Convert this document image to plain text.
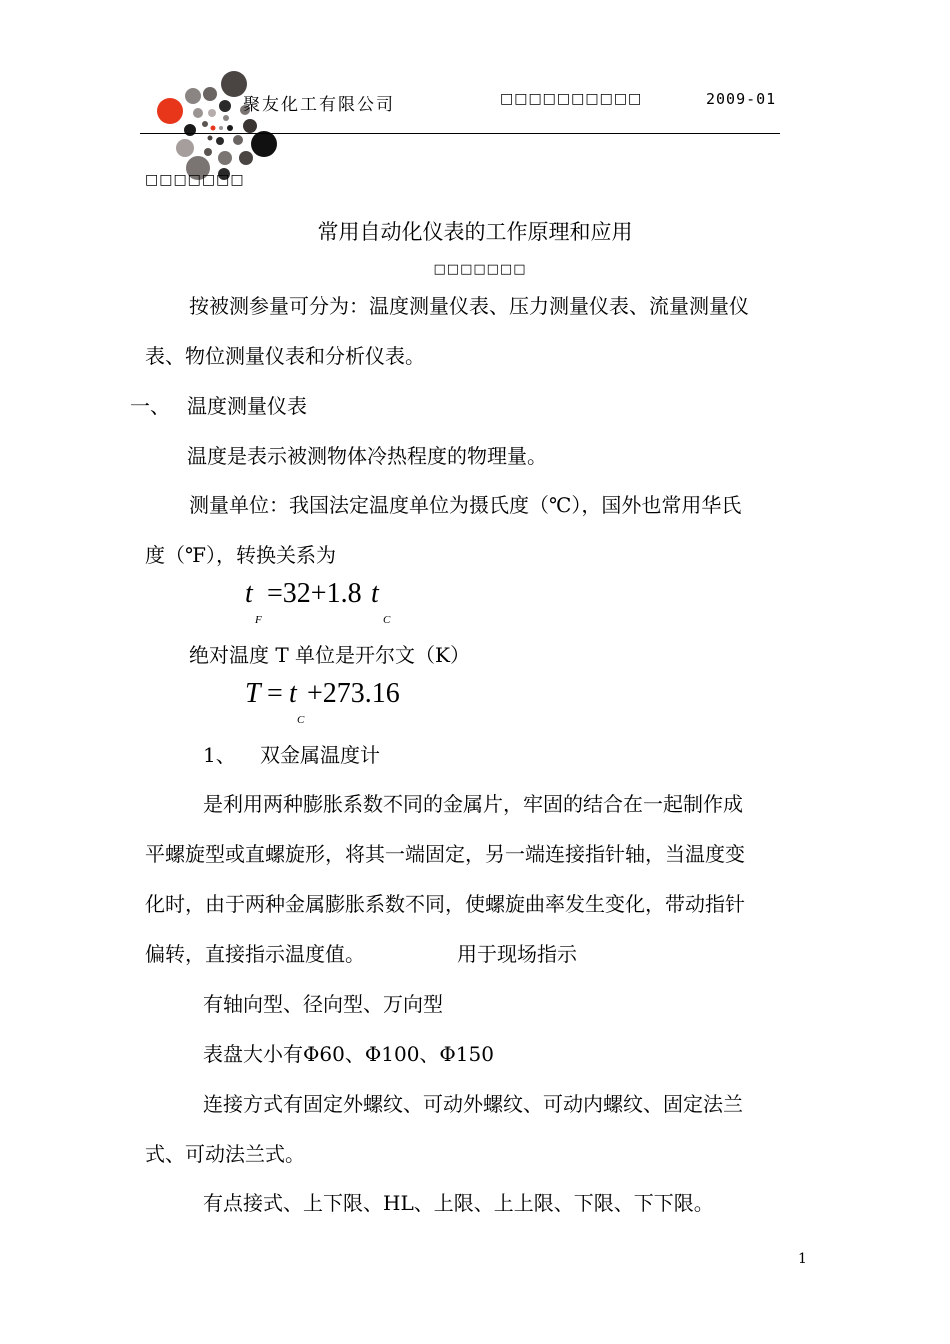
聚友化工有限公司	□□□□□□□□□□	2009-01
□□□□□□□
常用自动化仪表的工作原理和应用
□□□□□□□
按被测参量可分为：温度测量仪表、压力测量仪表、流量测量仪
表、物位测量仪表和分析仪表。
一、 温度测量仪表
温度是表示被测物体冷热程度的物理量。
测量单位：我国法定温度单位为摄氏度（℃），国外也常用华氏
度（℉），转换关系为
t
F
=32+1.8 t
C
绝对温度 T 单位是开尔文（K）
T = t
C
+273.16
1、 双金属温度计
是利用两种膨胀系数不同的金属片，牢固的结合在一起制作成
平螺旋型或直螺旋形，将其一端固定，另一端连接指针轴，当温度变
化时，由于两种金属膨胀系数不同，使螺旋曲率发生变化，带动指针
偏转，直接指示温度值。	用于现场指示
有轴向型、径向型、万向型
表盘大小有Φ60、Φ100、Φ150
连接方式有固定外螺纹、可动外螺纹、可动内螺纹、固定法兰
式、可动法兰式。
有点接式、上下限、HL、上限、上上限、下限、下下限。
1
